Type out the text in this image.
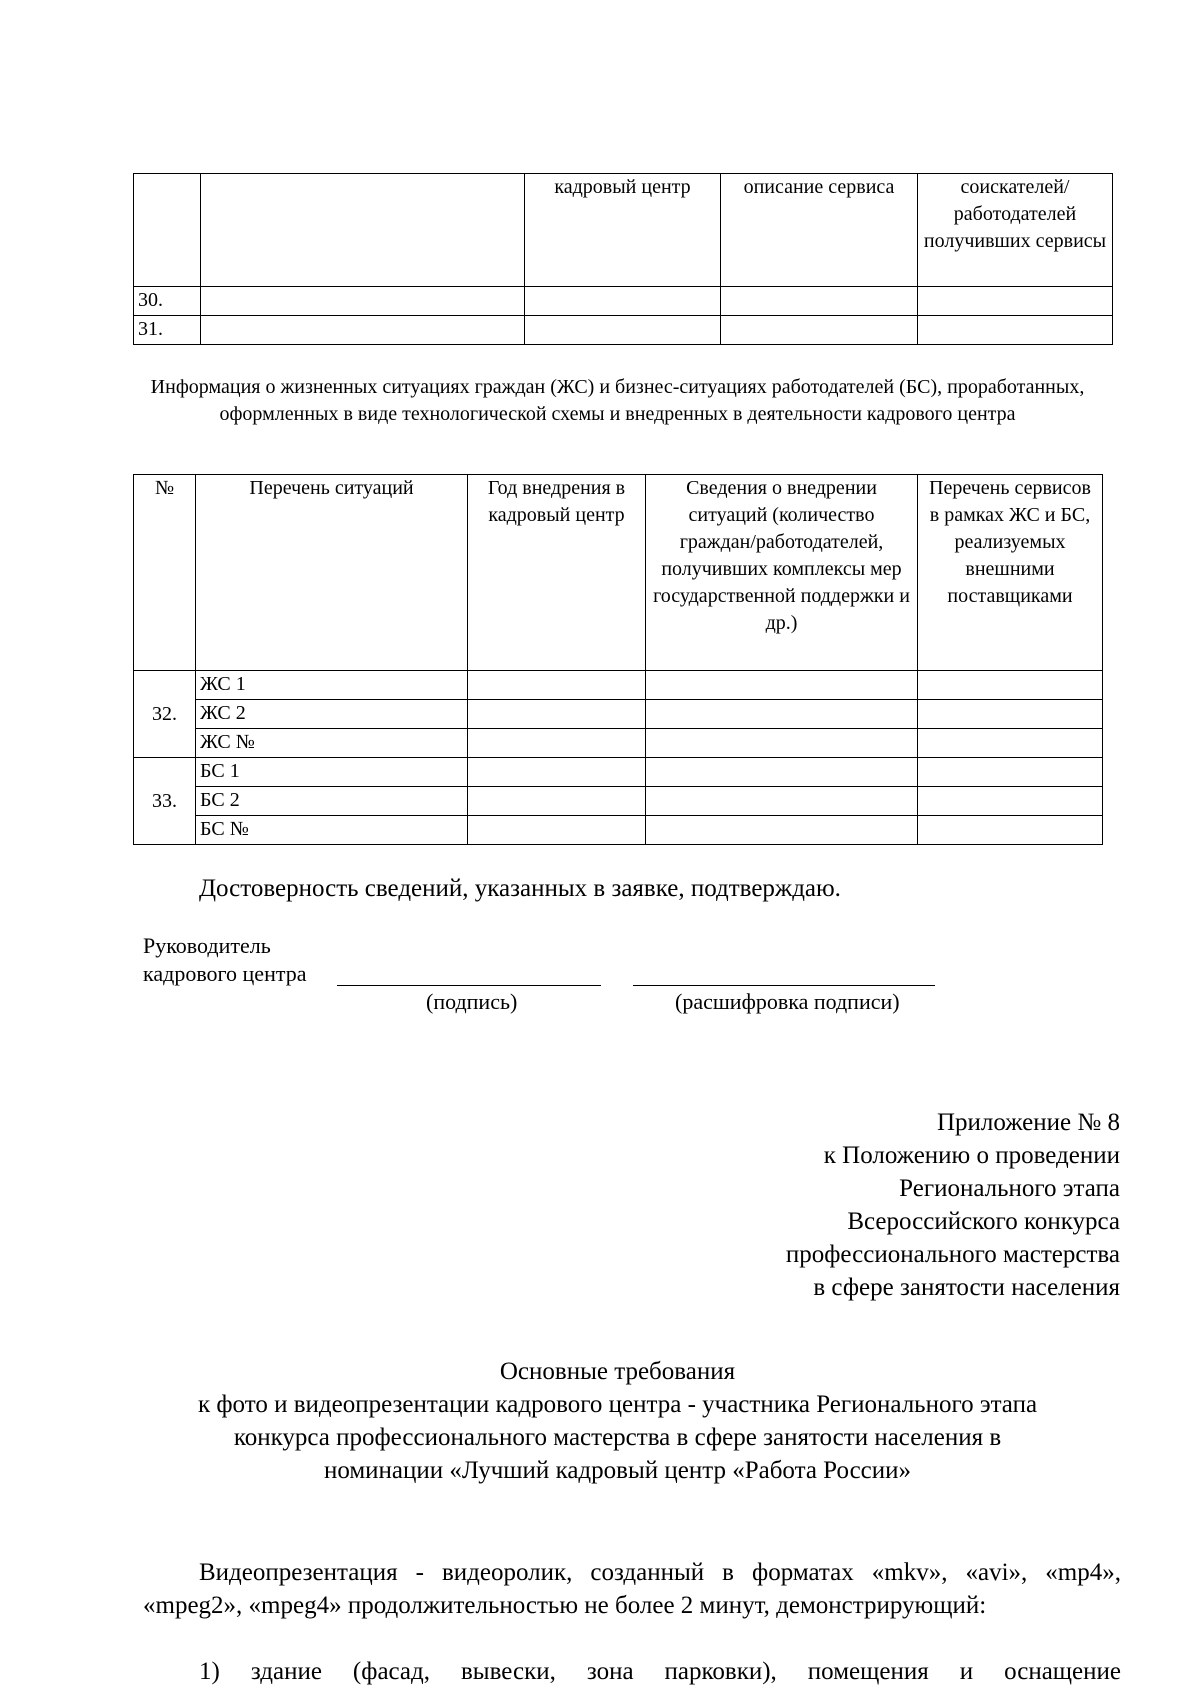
		кадровый центр	описание сервиса	соискателей/ работодателей получивших сервисы
30.				
31.				
Информация о жизненных ситуациях граждан (ЖС) и бизнес-ситуациях работодателей (БС), проработанных, оформленных в виде технологической схемы и внедренных в деятельности кадрового центра
№	Перечень ситуаций	Год внедрения в кадровый центр	Сведения о внедрении ситуаций (количество граждан/работодателей, получивших комплексы мер государственной поддержки и др.)	Перечень сервисов в рамках ЖС и БС, реализуемых внешними поставщиками
32.	ЖС 1			
	ЖС 2			
	ЖС №			
33.	БС 1			
	БС 2			
	БС №			
Достоверность сведений, указанных в заявке, подтверждаю.
Руководитель
кадрового центра
(подпись)	(расшифровка подписи)
Приложение № 8
к Положению о проведении
Регионального этапа
Всероссийского конкурса
профессионального мастерства
в сфере занятости населения
Основные требования
к фото и видеопрезентации кадрового центра - участника Регионального этапа
конкурса профессионального мастерства в сфере занятости населения в
номинации «Лучший кадровый центр «Работа России»
Видеопрезентация - видеоролик, созданный в форматах «mkv», «avi», «mp4», «mpeg2», «mpeg4» продолжительностью не более 2 минут, демонстрирующий:
1) здание (фасад, вывески, зона парковки), помещения и оснащение
